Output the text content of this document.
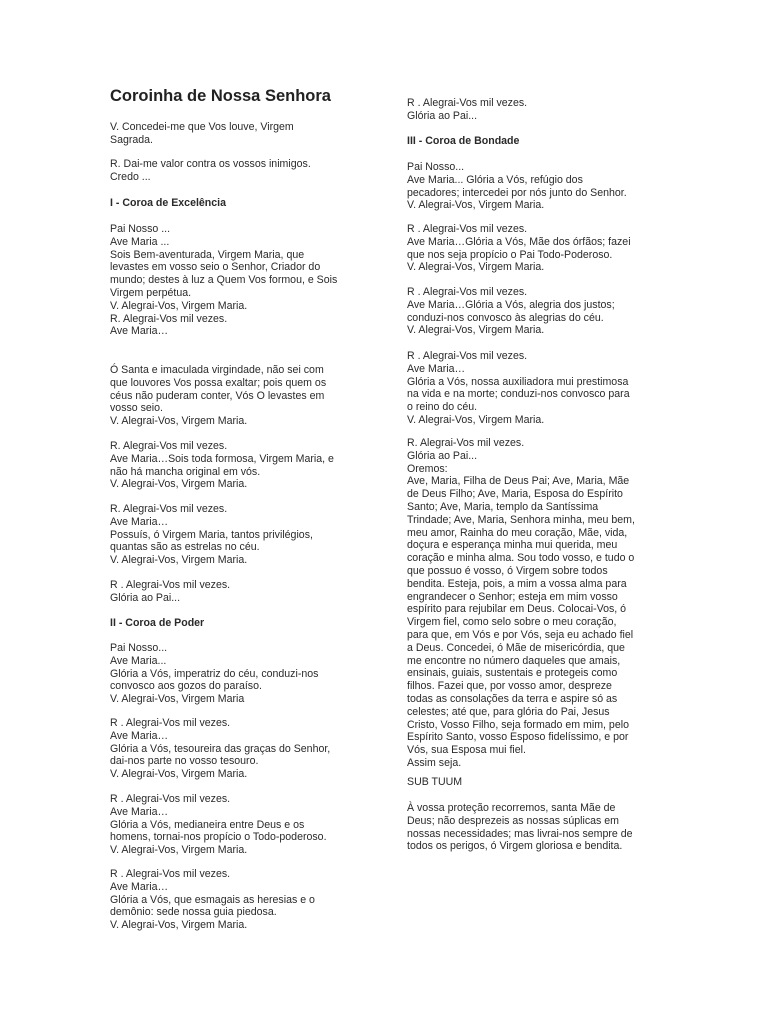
Coroinha de Nossa Senhora

V. Concedei-me que Vos louve, Virgem
Sagrada.

R. Dai-me valor contra os vossos inimigos.
Credo ...

I - Coroa de Excelência

Pai Nosso ...
Ave Maria ...
Sois Bem-aventurada, Virgem Maria, que
levastes em vosso seio o Senhor, Criador do
mundo; destes à luz a Quem Vos formou, e Sois
Virgem perpétua.
V. Alegrai-Vos, Virgem Maria.
R. Alegrai-Vos mil vezes.
Ave Maria…

Ó Santa e imaculada virgindade, não sei com
que louvores Vos possa exaltar; pois quem os
céus não puderam conter, Vós O levastes em
vosso seio.
V. Alegrai-Vos, Virgem Maria.

R. Alegrai-Vos mil vezes.
Ave Maria…Sois toda formosa, Virgem Maria, e
não há mancha original em vós.
V. Alegrai-Vos, Virgem Maria.

R. Alegrai-Vos mil vezes.
Ave Maria…
Possuís, ó Virgem Maria, tantos privilégios,
quantas são as estrelas no céu.
V. Alegrai-Vos, Virgem Maria.

R . Alegrai-Vos mil vezes.
Glória ao Pai...

II - Coroa de Poder

Pai Nosso...
Ave Maria...
Glória a Vós, imperatriz do céu, conduzi-nos
convosco aos gozos do paraíso.
V. Alegrai-Vos, Virgem Maria

R . Alegrai-Vos mil vezes.
Ave Maria…
Glória a Vós, tesoureira das graças do Senhor,
dai-nos parte no vosso tesouro.
V. Alegrai-Vos, Virgem Maria.

R . Alegrai-Vos mil vezes.
Ave Maria…
Glória a Vós, medianeira entre Deus e os
homens, tornai-nos propício o Todo-poderoso.
V. Alegrai-Vos, Virgem Maria.

R . Alegrai-Vos mil vezes.
Ave Maria…
Glória a Vós, que esmagais as heresias e o
demônio: sede nossa guia piedosa.
V. Alegrai-Vos, Virgem Maria.

R . Alegrai-Vos mil vezes.
Glória ao Pai...

III - Coroa de Bondade

Pai Nosso...
Ave Maria... Glória a Vós, refúgio dos
pecadores; intercedei por nós junto do Senhor.
V. Alegrai-Vos, Virgem Maria.

R . Alegrai-Vos mil vezes.
Ave Maria…Glória a Vós, Mãe dos órfãos; fazei
que nos seja propício o Pai Todo-Poderoso.
V. Alegrai-Vos, Virgem Maria.

R . Alegrai-Vos mil vezes.
Ave Maria…Glória a Vós, alegria dos justos;
conduzi-nos convosco às alegrias do céu.
V. Alegrai-Vos, Virgem Maria.

R . Alegrai-Vos mil vezes.
Ave Maria…
Glória a Vós, nossa auxiliadora mui prestimosa
na vida e na morte; conduzi-nos convosco para
o reino do céu.
V. Alegrai-Vos, Virgem Maria.

R. Alegrai-Vos mil vezes.
Glória ao Pai...
Oremos:
Ave, Maria, Filha de Deus Pai; Ave, Maria, Mãe
de Deus Filho; Ave, Maria, Esposa do Espírito
Santo; Ave, Maria, templo da Santíssima
Trindade; Ave, Maria, Senhora minha, meu bem,
meu amor, Rainha do meu coração, Mãe, vida,
doçura e esperança minha mui querida, meu
coração e minha alma. Sou todo vosso, e tudo o
que possuo é vosso, ó Virgem sobre todos
bendita. Esteja, pois, a mim a vossa alma para
engrandecer o Senhor; esteja em mim vosso
espírito para rejubilar em Deus. Colocai-Vos, ó
Virgem fiel, como selo sobre o meu coração,
para que, em Vós e por Vós, seja eu achado fiel
a Deus. Concedei, ó Mãe de misericórdia, que
me encontre no número daqueles que amais,
ensinais, guiais, sustentais e protegeis como
filhos. Fazei que, por vosso amor, despreze
todas as consolações da terra e aspire só as
celestes; até que, para glória do Pai, Jesus
Cristo, Vosso Filho, seja formado em mim, pelo
Espírito Santo, vosso Esposo fidelíssimo, e por
Vós, sua Esposa mui fiel.
Assim seja.

SUB TUUM

À vossa proteção recorremos, santa Mãe de
Deus; não desprezeis as nossas súplicas em
nossas necessidades; mas livrai-nos sempre de
todos os perigos, ó Virgem gloriosa e bendita.
